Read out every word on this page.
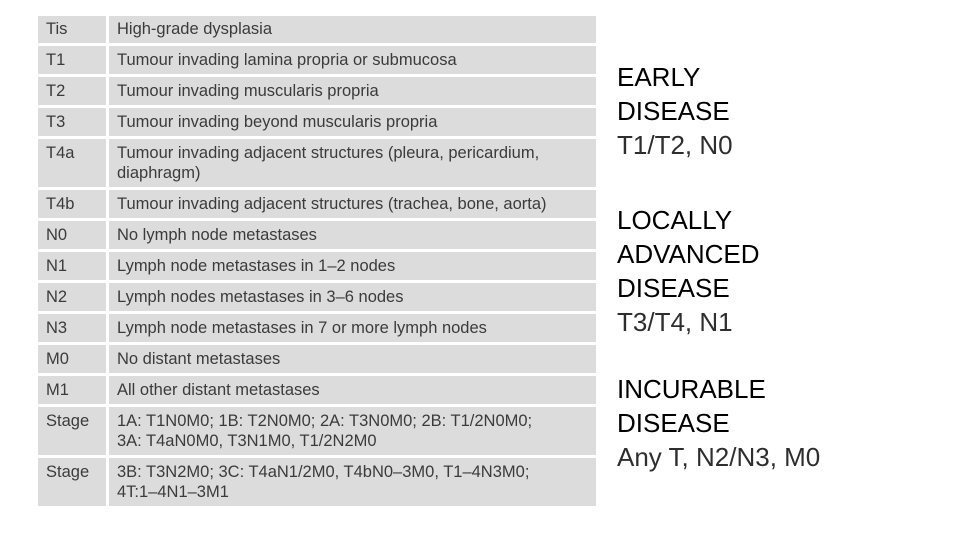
Tis	High-grade dysplasia
T1	Tumour invading lamina propria or submucosa
T2	Tumour invading muscularis propria
T3	Tumour invading beyond muscularis propria
T4a	Tumour invading adjacent structures (pleura, pericardium,
diaphragm)
T4b	Tumour invading adjacent structures (trachea, bone, aorta)
N0	No lymph node metastases
N1	Lymph node metastases in 1–2 nodes
N2	Lymph nodes metastases in 3–6 nodes
N3	Lymph node metastases in 7 or more lymph nodes
M0	No distant metastases
M1	All other distant metastases
Stage	1A: T1N0M0; 1B: T2N0M0; 2A: T3N0M0; 2B: T1/2N0M0;
3A: T4aN0M0, T3N1M0, T1/2N2M0
Stage	3B: T3N2M0; 3C: T4aN1/2M0, T4bN0–3M0, T1–4N3M0;
4T:1–4N1–3M1
EARLY
DISEASE
T1/T2, N0
LOCALLY
ADVANCED
DISEASE
T3/T4, N1
INCURABLE
DISEASE
Any T, N2/N3, M0
